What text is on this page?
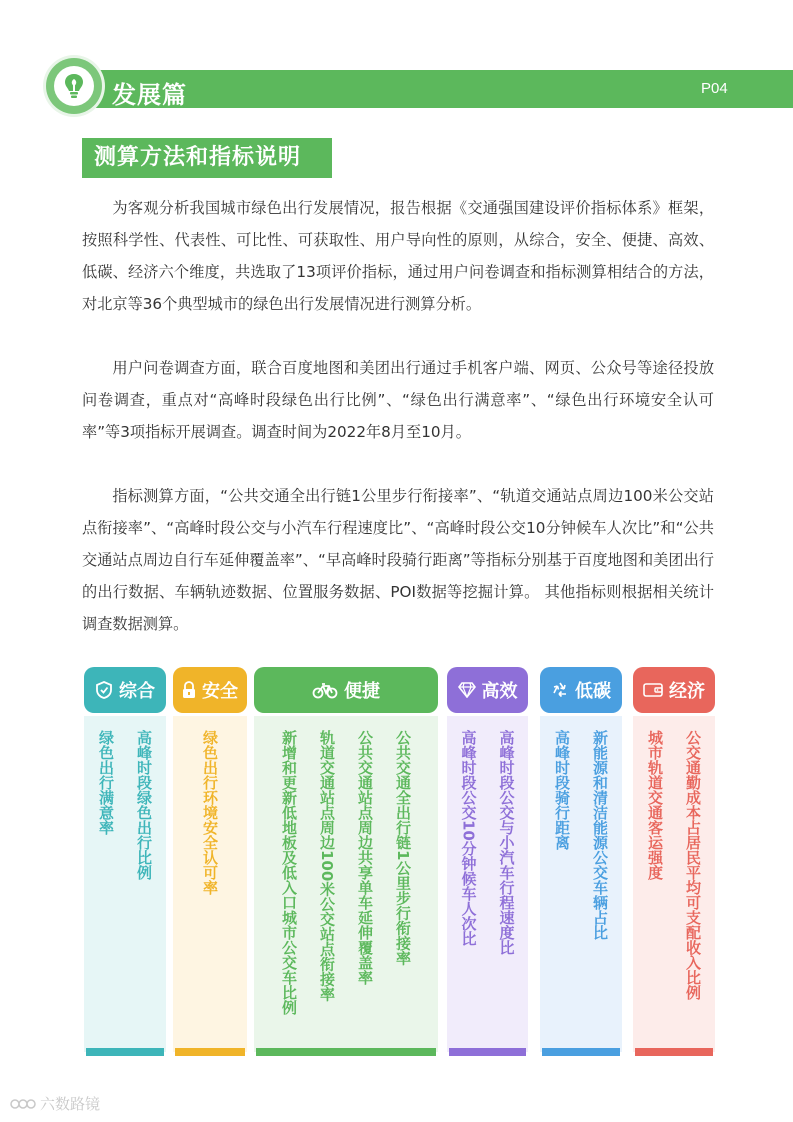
发展篇	P04
测算方法和指标说明

为客观分析我国城市绿色出行发展情况，报告根据《交通强国建设评价指标体系》框架，按照科学性、代表性、可比性、可获取性、用户导向性的原则，从综合，安全、便捷、高效、低碳、经济六个维度，共选取了13项评价指标，通过用户问卷调查和指标测算相结合的方法，对北京等36个典型城市的绿色出行发展情况进行测算分析。

用户问卷调查方面，联合百度地图和美团出行通过手机客户端、网页、公众号等途径投放问卷调查，重点对“高峰时段绿色出行比例”、“绿色出行满意率”、“绿色出行环境安全认可率”等3项指标开展调查。调查时间为2022年8月至10月。

指标测算方面，“公共交通全出行链1公里步行衔接率”、“轨道交通站点周边100米公交站点衔接率”、“高峰时段公交与小汽车行程速度比”、“高峰时段公交10分钟候车人次比”和“公共交通站点周边自行车延伸覆盖率”、“早高峰时段骑行距离”等指标分别基于百度地图和美团出行的出行数据、车辆轨迹数据、位置服务数据、POI数据等挖掘计算。 其他指标则根据相关统计调查数据测算。

综合
高峰时段绿色出行比例
绿色出行满意率
安全
绿色出行环境安全认可率
便捷
公共交通全出行链1公里步行衔接率
公共交通站点周边共享单车延伸覆盖率
轨道交通站点周边100米公交站点衔接率
新增和更新低地板及低入口城市公交车比例
高效
高峰时段公交与小汽车行程速度比
高峰时段公交10分钟候车人次比
低碳
新能源和清洁能源公交车辆占比
高峰时段骑行距离
经济
公交通勤成本占居民平均可支配收入比例
城市轨道交通客运强度
六数路镜
